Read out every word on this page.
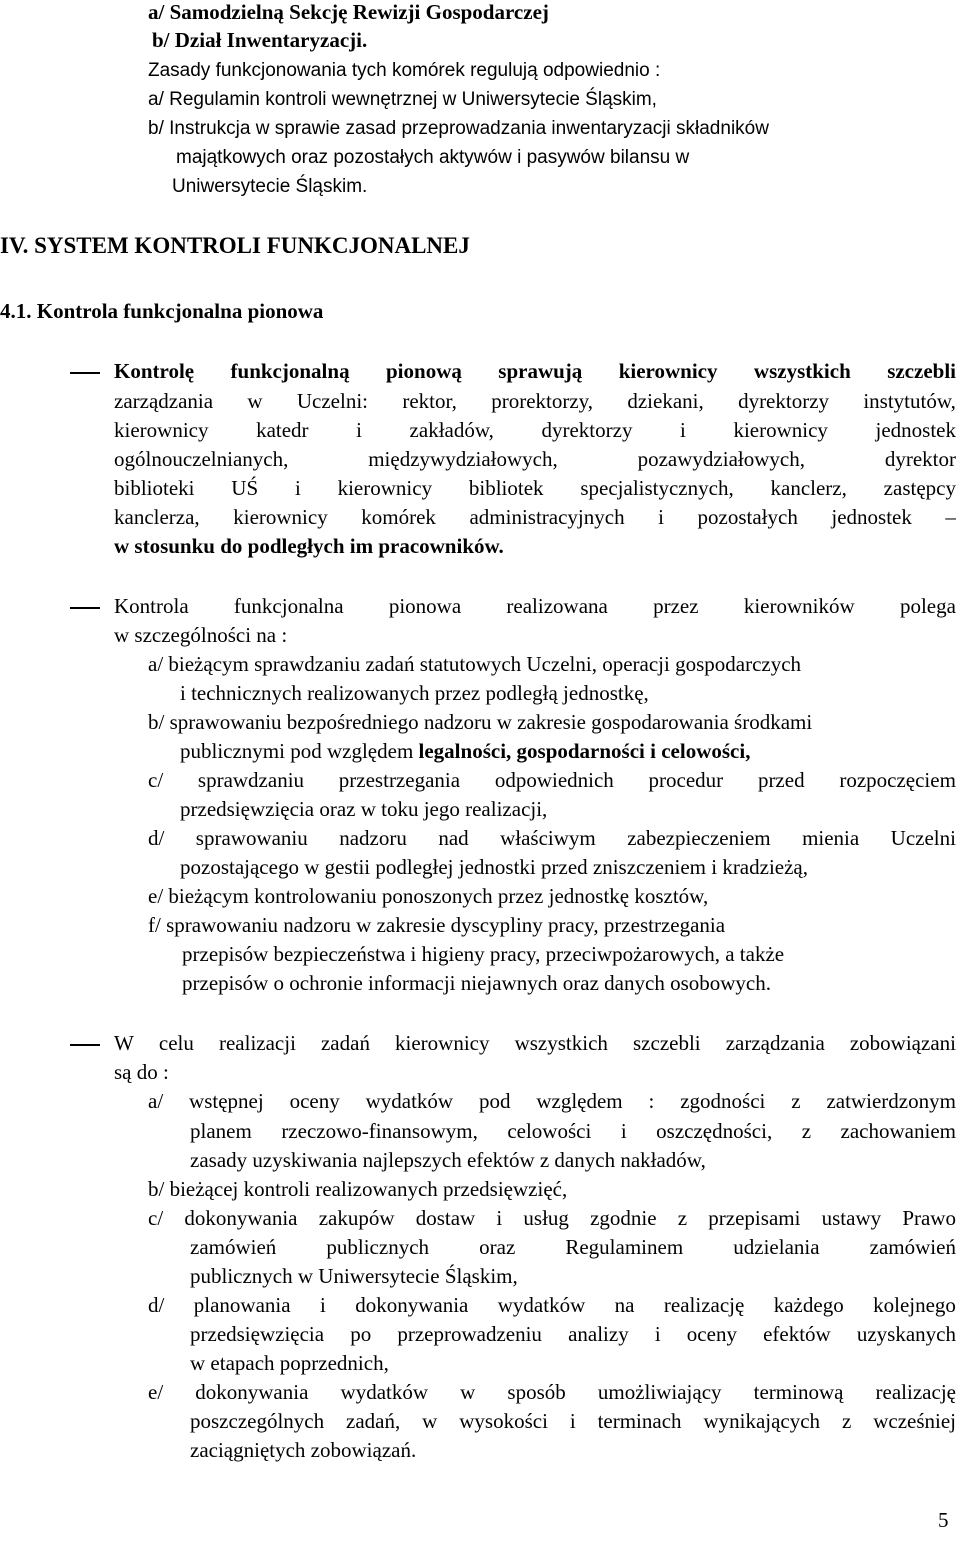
a/ Samodzielną Sekcję Rewizji Gospodarczej
b/ Dział Inwentaryzacji.
Zasady funkcjonowania tych komórek regulują odpowiednio :
a/ Regulamin kontroli wewnętrznej w Uniwersytecie Śląskim,
b/ Instrukcja w sprawie zasad przeprowadzania inwentaryzacji składników
majątkowych oraz pozostałych aktywów i pasywów bilansu w
Uniwersytecie Śląskim.
IV. SYSTEM KONTROLI FUNKCJONALNEJ
4.1. Kontrola funkcjonalna pionowa
Kontrolę funkcjonalną pionową sprawują kierownicy wszystkich szczebli
zarządzania w Uczelni: rektor, prorektorzy, dziekani, dyrektorzy instytutów,
kierownicy katedr i zakładów, dyrektorzy i kierownicy jednostek
ogólnouczelnianych,	międzywydziałowych,	pozawydziałowych,	dyrektor
biblioteki UŚ i kierownicy bibliotek specjalistycznych, kanclerz, zastępcy
kanclerza, kierownicy komórek administracyjnych i pozostałych jednostek –
w stosunku do podległych im pracowników.
Kontrola funkcjonalna pionowa realizowana przez kierowników polega
w szczególności na :
a/ bieżącym sprawdzaniu zadań statutowych Uczelni, operacji gospodarczych
i technicznych realizowanych przez podległą jednostkę,
b/ sprawowaniu bezpośredniego nadzoru w zakresie gospodarowania środkami
publicznymi pod względem legalności, gospodarności i celowości,
c/ sprawdzaniu przestrzegania odpowiednich procedur przed rozpoczęciem
przedsięwzięcia oraz w toku jego realizacji,
d/ sprawowaniu nadzoru nad właściwym zabezpieczeniem mienia Uczelni
pozostającego w gestii podległej jednostki przed zniszczeniem i kradzieżą,
e/ bieżącym kontrolowaniu ponoszonych przez jednostkę kosztów,
f/ sprawowaniu nadzoru w zakresie dyscypliny pracy, przestrzegania
przepisów bezpieczeństwa i higieny pracy, przeciwpożarowych, a także
przepisów o ochronie informacji niejawnych oraz danych osobowych.
W celu realizacji zadań kierownicy wszystkich szczebli zarządzania zobowiązani
są do :
a/ wstępnej oceny wydatków pod względem : zgodności z zatwierdzonym
planem rzeczowo-finansowym, celowości i oszczędności, z zachowaniem
zasady uzyskiwania najlepszych efektów z danych nakładów,
b/ bieżącej kontroli realizowanych przedsięwzięć,
c/ dokonywania zakupów dostaw i usług zgodnie z przepisami ustawy Prawo
zamówień publicznych oraz Regulaminem udzielania zamówień
publicznych w Uniwersytecie Śląskim,
d/ planowania i dokonywania wydatków na realizację każdego kolejnego
przedsięwzięcia po przeprowadzeniu analizy i oceny efektów uzyskanych
w etapach poprzednich,
e/ dokonywania wydatków w sposób umożliwiający terminową realizację
poszczególnych zadań, w wysokości i terminach wynikających z wcześniej
zaciągniętych zobowiązań.
5
